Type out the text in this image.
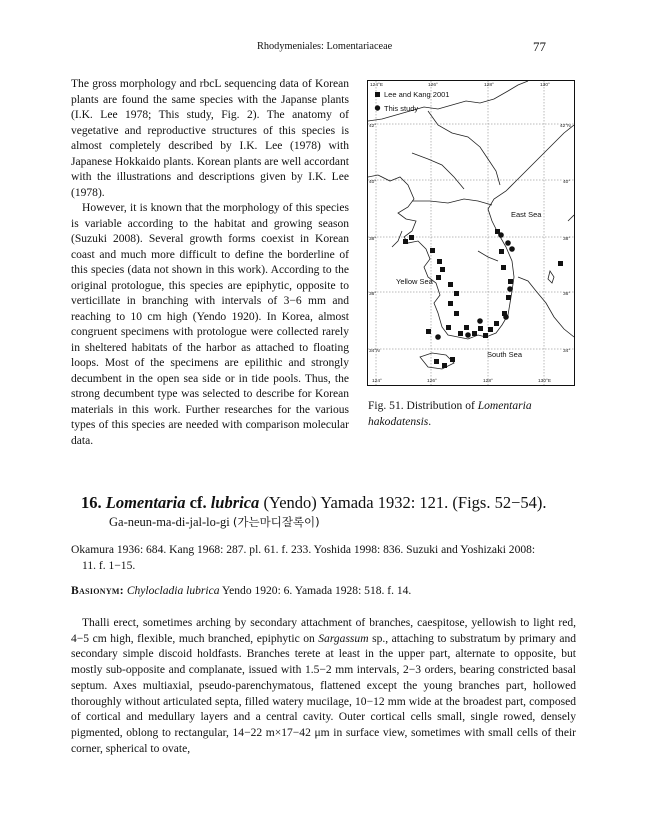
Rhodymeniales: Lomentariaceae	77

The gross morphology and rbcL sequencing data of Korean plants are found the same species with the Japanse plants (I.K. Lee 1978; This study, Fig. 2). The anatomy of vegetative and reproductive structures of this species is almost completely described by I.K. Lee (1978) with Japanese Hokkaido plants. Korean plants are well accordant with the illustrations and descriptions given by I.K. Lee (1978).

However, it is known that the morphology of this species is variable according to the habitat and growing season (Suzuki 2008). Several growth forms coexist in Korean coast and much more difficult to define the borderline of this species (data not shown in this work). According to the original protologue, this species are epiphytic, opposite to verticillate in branching with intervals of 3−6 mm and reaching to 10 cm high (Yendo 1920). In Korea, almost congruent specimens with protologue were collected rarely in sheltered habitats of the harbor as attached to floating loops. Most of the specimens are epilithic and strongly decumbent in the open sea side or in tide pools. Thus, the strong decumbent type was selected to describe for Korean materials in this work. Further researches for the various types of this species are needed with comparison molecular data.

Lee and Kang 2001
This study
124°E	126°	128°	130°
124°	126°	128°	130°E
42°
40°
38°
36°
34°N
42°N
40°
38°
36°
34°
East Sea
Yellow Sea
South Sea
Fig. 51. Distribution of Lomentaria hakodatensis.
16. Lomentaria cf. lubrica (Yendo) Yamada 1932: 121. (Figs. 52−54).
Ga-neun-ma-di-jal-lo-gi (가는마디잘록이)
Okamura 1936: 684. Kang 1968: 287. pl. 61. f. 233. Yoshida 1998: 836. Suzuki and Yoshizaki 2008:
11. f. 1−15.
Basionym: Chylocladia lubrica Yendo 1920: 6. Yamada 1928: 518. f. 14.
Thalli erect, sometimes arching by secondary attachment of branches, caespitose, yellowish to light red, 4−5 cm high, flexible, much branched, epiphytic on Sargassum sp., attaching to substratum by primary and secondary simple discoid holdfasts. Branches terete at least in the upper part, alternate to opposite, but mostly sub-opposite and complanate, issued with 1.5−2 mm intervals, 2−3 orders, bearing constricted basal septum. Axes multiaxial, pseudo-parenchymatous, flattened except the young branches part, hollowed thoroughly without articulated septa, filled watery mucilage, 10−12 mm wide at the broadest part, composed of cortical and medullary layers and a central cavity. Outer cortical cells small, single rowed, densely pigmented, oblong to rectangular, 14−22 m×17−42 μm in surface view, sometimes with small cells of their corner, spherical to ovate,
